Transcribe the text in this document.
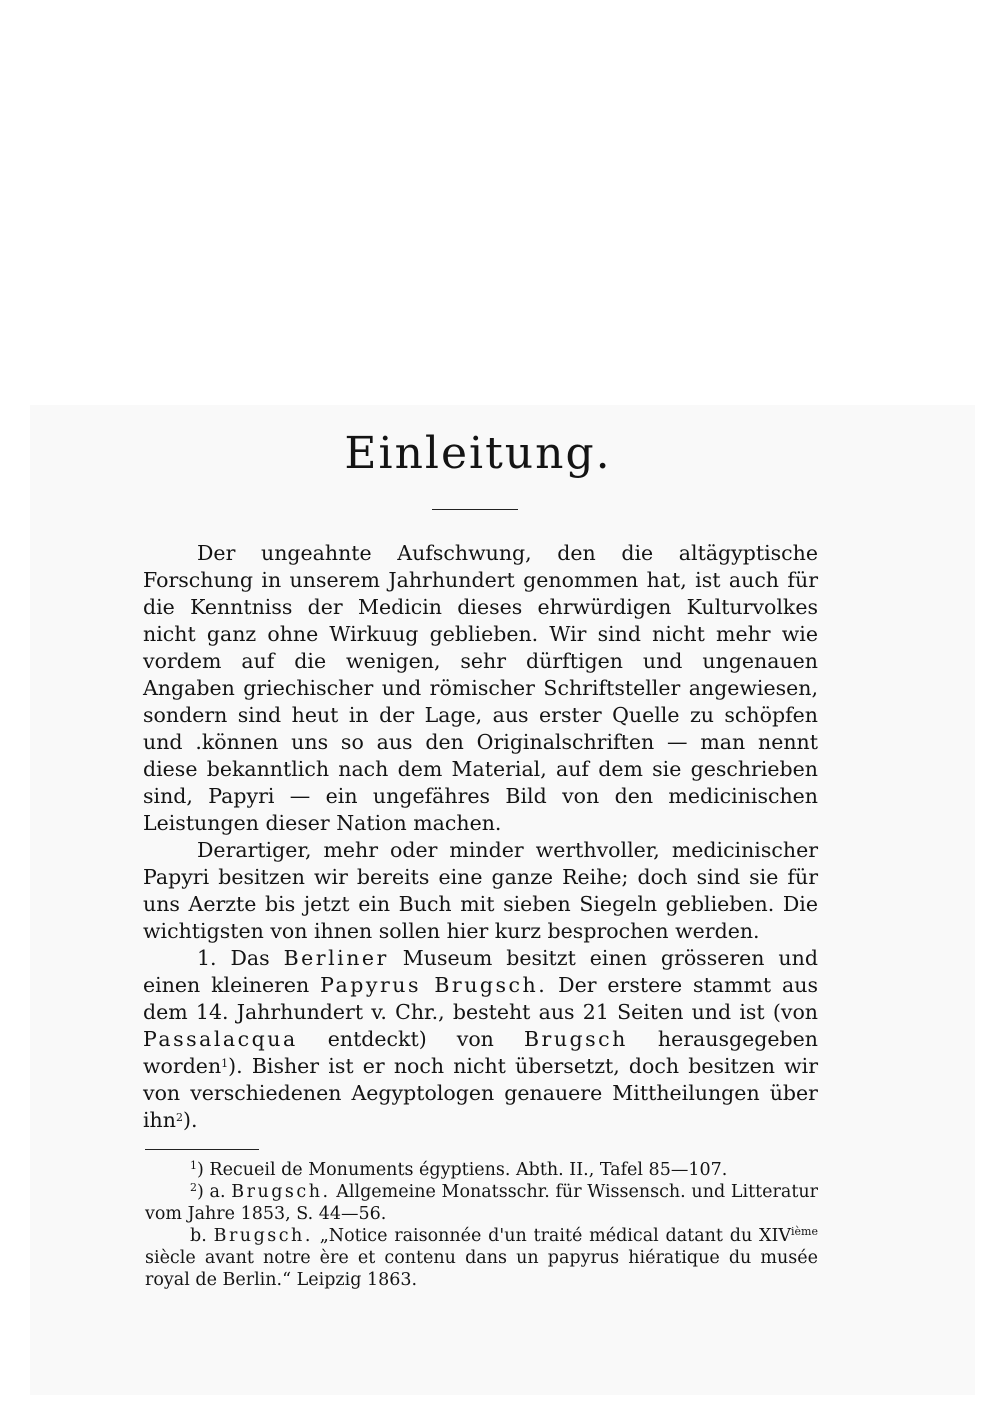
Einleitung.

Der ungeahnte Aufschwung, den die altägyptische Forschung in unserem Jahrhundert genommen hat, ist auch für die Kenntniss der Medicin dieses ehrwürdigen Kulturvolkes nicht ganz ohne Wirkuug geblieben. Wir sind nicht mehr wie vordem auf die wenigen, sehr dürftigen und ungenauen Angaben griechischer und römischer Schriftsteller angewiesen, sondern sind heut in der Lage, aus erster Quelle zu schöpfen und .können uns so aus den Originalschriften — man nennt diese bekanntlich nach dem Material, auf dem sie geschrieben sind, Papyri — ein ungefähres Bild von den medicinischen Leistungen dieser Nation machen.

Derartiger, mehr oder minder werthvoller, medicinischer Papyri besitzen wir bereits eine ganze Reihe; doch sind sie für uns Aerzte bis jetzt ein Buch mit sieben Siegeln geblieben. Die wichtigsten von ihnen sollen hier kurz besprochen werden.

1. Das Berliner Museum besitzt einen grösseren und einen kleineren Papyrus Brugsch. Der erstere stammt aus dem 14. Jahrhundert v. Chr., besteht aus 21 Seiten und ist (von Passalacqua entdeckt) von Brugsch herausgegeben worden$^1$). Bisher ist er noch nicht übersetzt, doch besitzen wir von verschiedenen Aegyptologen genauere Mittheilungen über ihn$^2$).

$^1$) Recueil de Monuments égyptiens. Abth. II., Tafel 85—107.

$^2$) a. Brugsch. Allgemeine Monatsschr. für Wissensch. und Litteratur vom Jahre 1853, S. 44—56.

b. Brugsch. „Notice raisonnée d'un traité médical datant du XIVième siècle avant notre ère et contenu dans un papyrus hiératique du musée royal de Berlin.“ Leipzig 1863.
